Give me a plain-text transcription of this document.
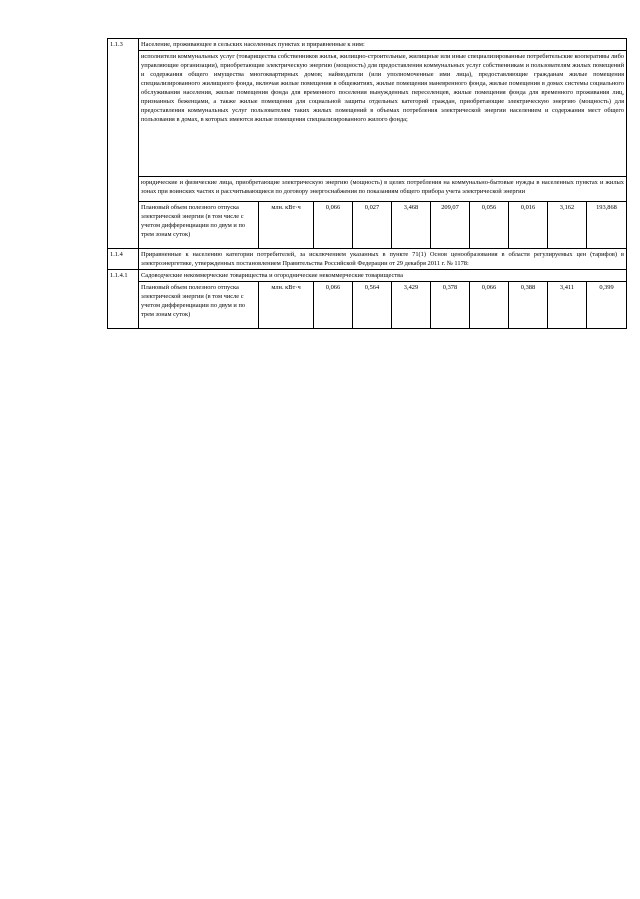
1.1.3	Население, проживающее в сельских населенных пунктах и приравненные к ним:									
	исполнители коммунальных услуг (товарищества собственников жилья, жилищно-строительные, жилищные или иные специализированные потребительские кооперативы либо управляющие организации), приобретающие электрическую энергию (мощность) для предоставления коммунальных услуг собственникам и пользователям жилых помещений и содержания общего имущества многоквартирных домов; наймодатели (или уполномоченные ими лица), предоставляющие гражданам жилые помещения специализированного жилищного фонда, включая жилые помещения в общежитиях, жилые помещения маневренного фонда, жилые помещения в домах системы социального обслуживания населения, жилые помещения фонда для временного поселения вынужденных переселенцев, жилые помещения фонда для временного проживания лиц, признанных беженцами, а также жилые помещения для социальной защиты отдельных категорий граждан, приобретающие электрическую энергию (мощность) для предоставления коммунальных услуг пользователям таких жилых помещений в объемах потребления электрической энергии населением и содержания мест общего пользования в домах, в которых имеются жилые помещения специализированного жилого фонда;									
	юридические и физические лица, приобретающие электрическую энергию (мощность) в целях потребления на коммунально-бытовые нужды в населенных пунктах и жилых зонах при воинских частях и рассчитывающиеся по договору энергоснабжения по показаниям общего прибора учета электрической энергии									
	Плановый объем полезного отпуска электрической энергии (в том числе с учетом дифференциации по двум и по трем зонам суток)	млн. кВт·ч	0,066	0,027	3,468	209,07	0,056	0,016	3,162	193,868
1.1.4	Приравненные к населению категории потребителей, за исключением указанных в пункте 71(1) Основ ценообразования в области регулируемых цен (тарифов) в электроэнергетике, утвержденных постановлением Правительства Российской Федерации от 29 декабря 2011 г. № 1178:									
1.1.4.1	Садоводческие некоммерческие товарищества и огороднические некоммерческие товарищества									
	Плановый объем полезного отпуска электрической энергии (в том числе с учетом дифференциации по двум и по трем зонам суток)	млн. кВт·ч	0,066	0,564	3,429	0,378	0,066	0,388	3,411	0,399
